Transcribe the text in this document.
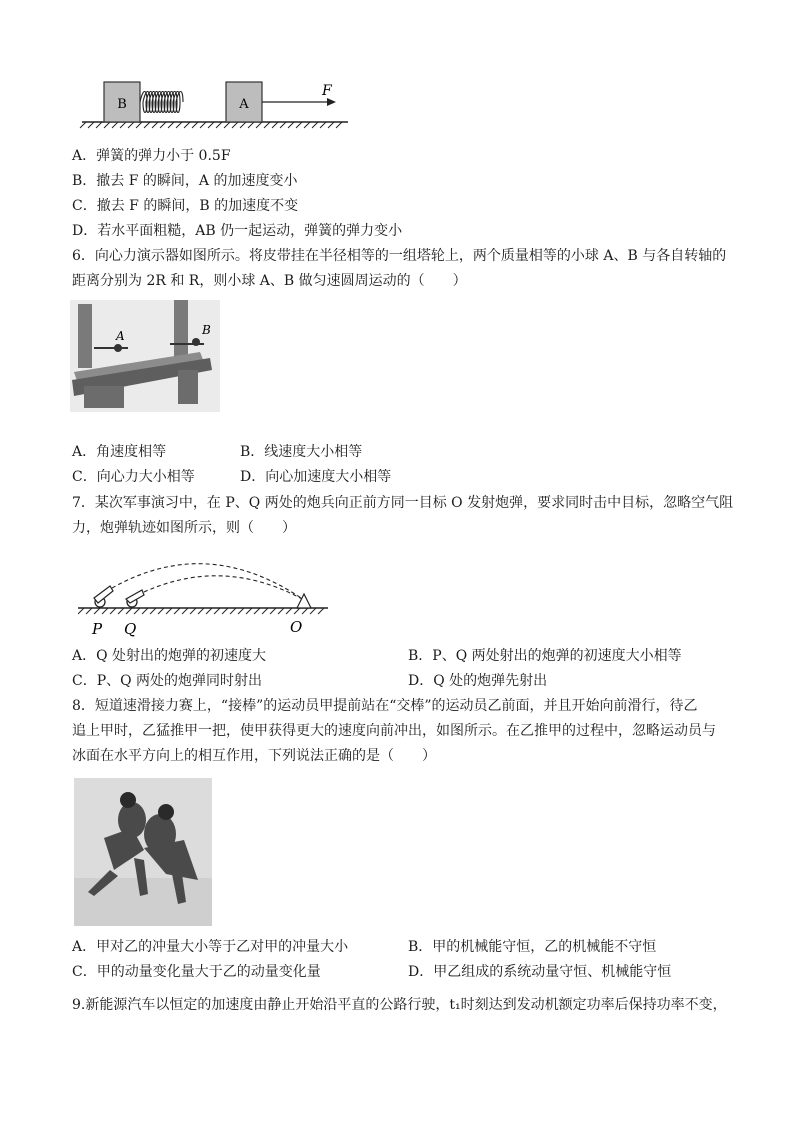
B	A
F
A．弹簧的弹力小于 0.5F
B．撤去 F 的瞬间，A 的加速度变小
C．撤去 F 的瞬间，B 的加速度不变
D．若水平面粗糙，AB 仍一起运动，弹簧的弹力变小
6．向心力演示器如图所示。将皮带挂在半径相等的一组塔轮上，两个质量相等的小球 A、B 与各自转轴的
距离分别为 2R 和 R，则小球 A、B 做匀速圆周运动的（　　）
A	B
A．角速度相等	B．线速度大小相等
C．向心力大小相等	D．向心加速度大小相等
7．某次军事演习中，在 P、Q 两处的炮兵向正前方同一目标 O 发射炮弹，要求同时击中目标，忽略空气阻
力，炮弹轨迹如图所示，则（　　）
P Q	O
A．Q 处射出的炮弹的初速度大	B．P、Q 两处射出的炮弹的初速度大小相等
C．P、Q 两处的炮弹同时射出	D．Q 处的炮弹先射出
8．短道速滑接力赛上，“接棒”的运动员甲提前站在“交棒”的运动员乙前面，并且开始向前滑行，待乙
追上甲时，乙猛推甲一把，使甲获得更大的速度向前冲出，如图所示。在乙推甲的过程中，忽略运动员与
冰面在水平方向上的相互作用，下列说法正确的是（　　）
A．甲对乙的冲量大小等于乙对甲的冲量大小	B．甲的机械能守恒，乙的机械能不守恒
C．甲的动量变化量大于乙的动量变化量	D．甲乙组成的系统动量守恒、机械能守恒
9.新能源汽车以恒定的加速度由静止开始沿平直的公路行驶，t₁时刻达到发动机额定功率后保持功率不变，
